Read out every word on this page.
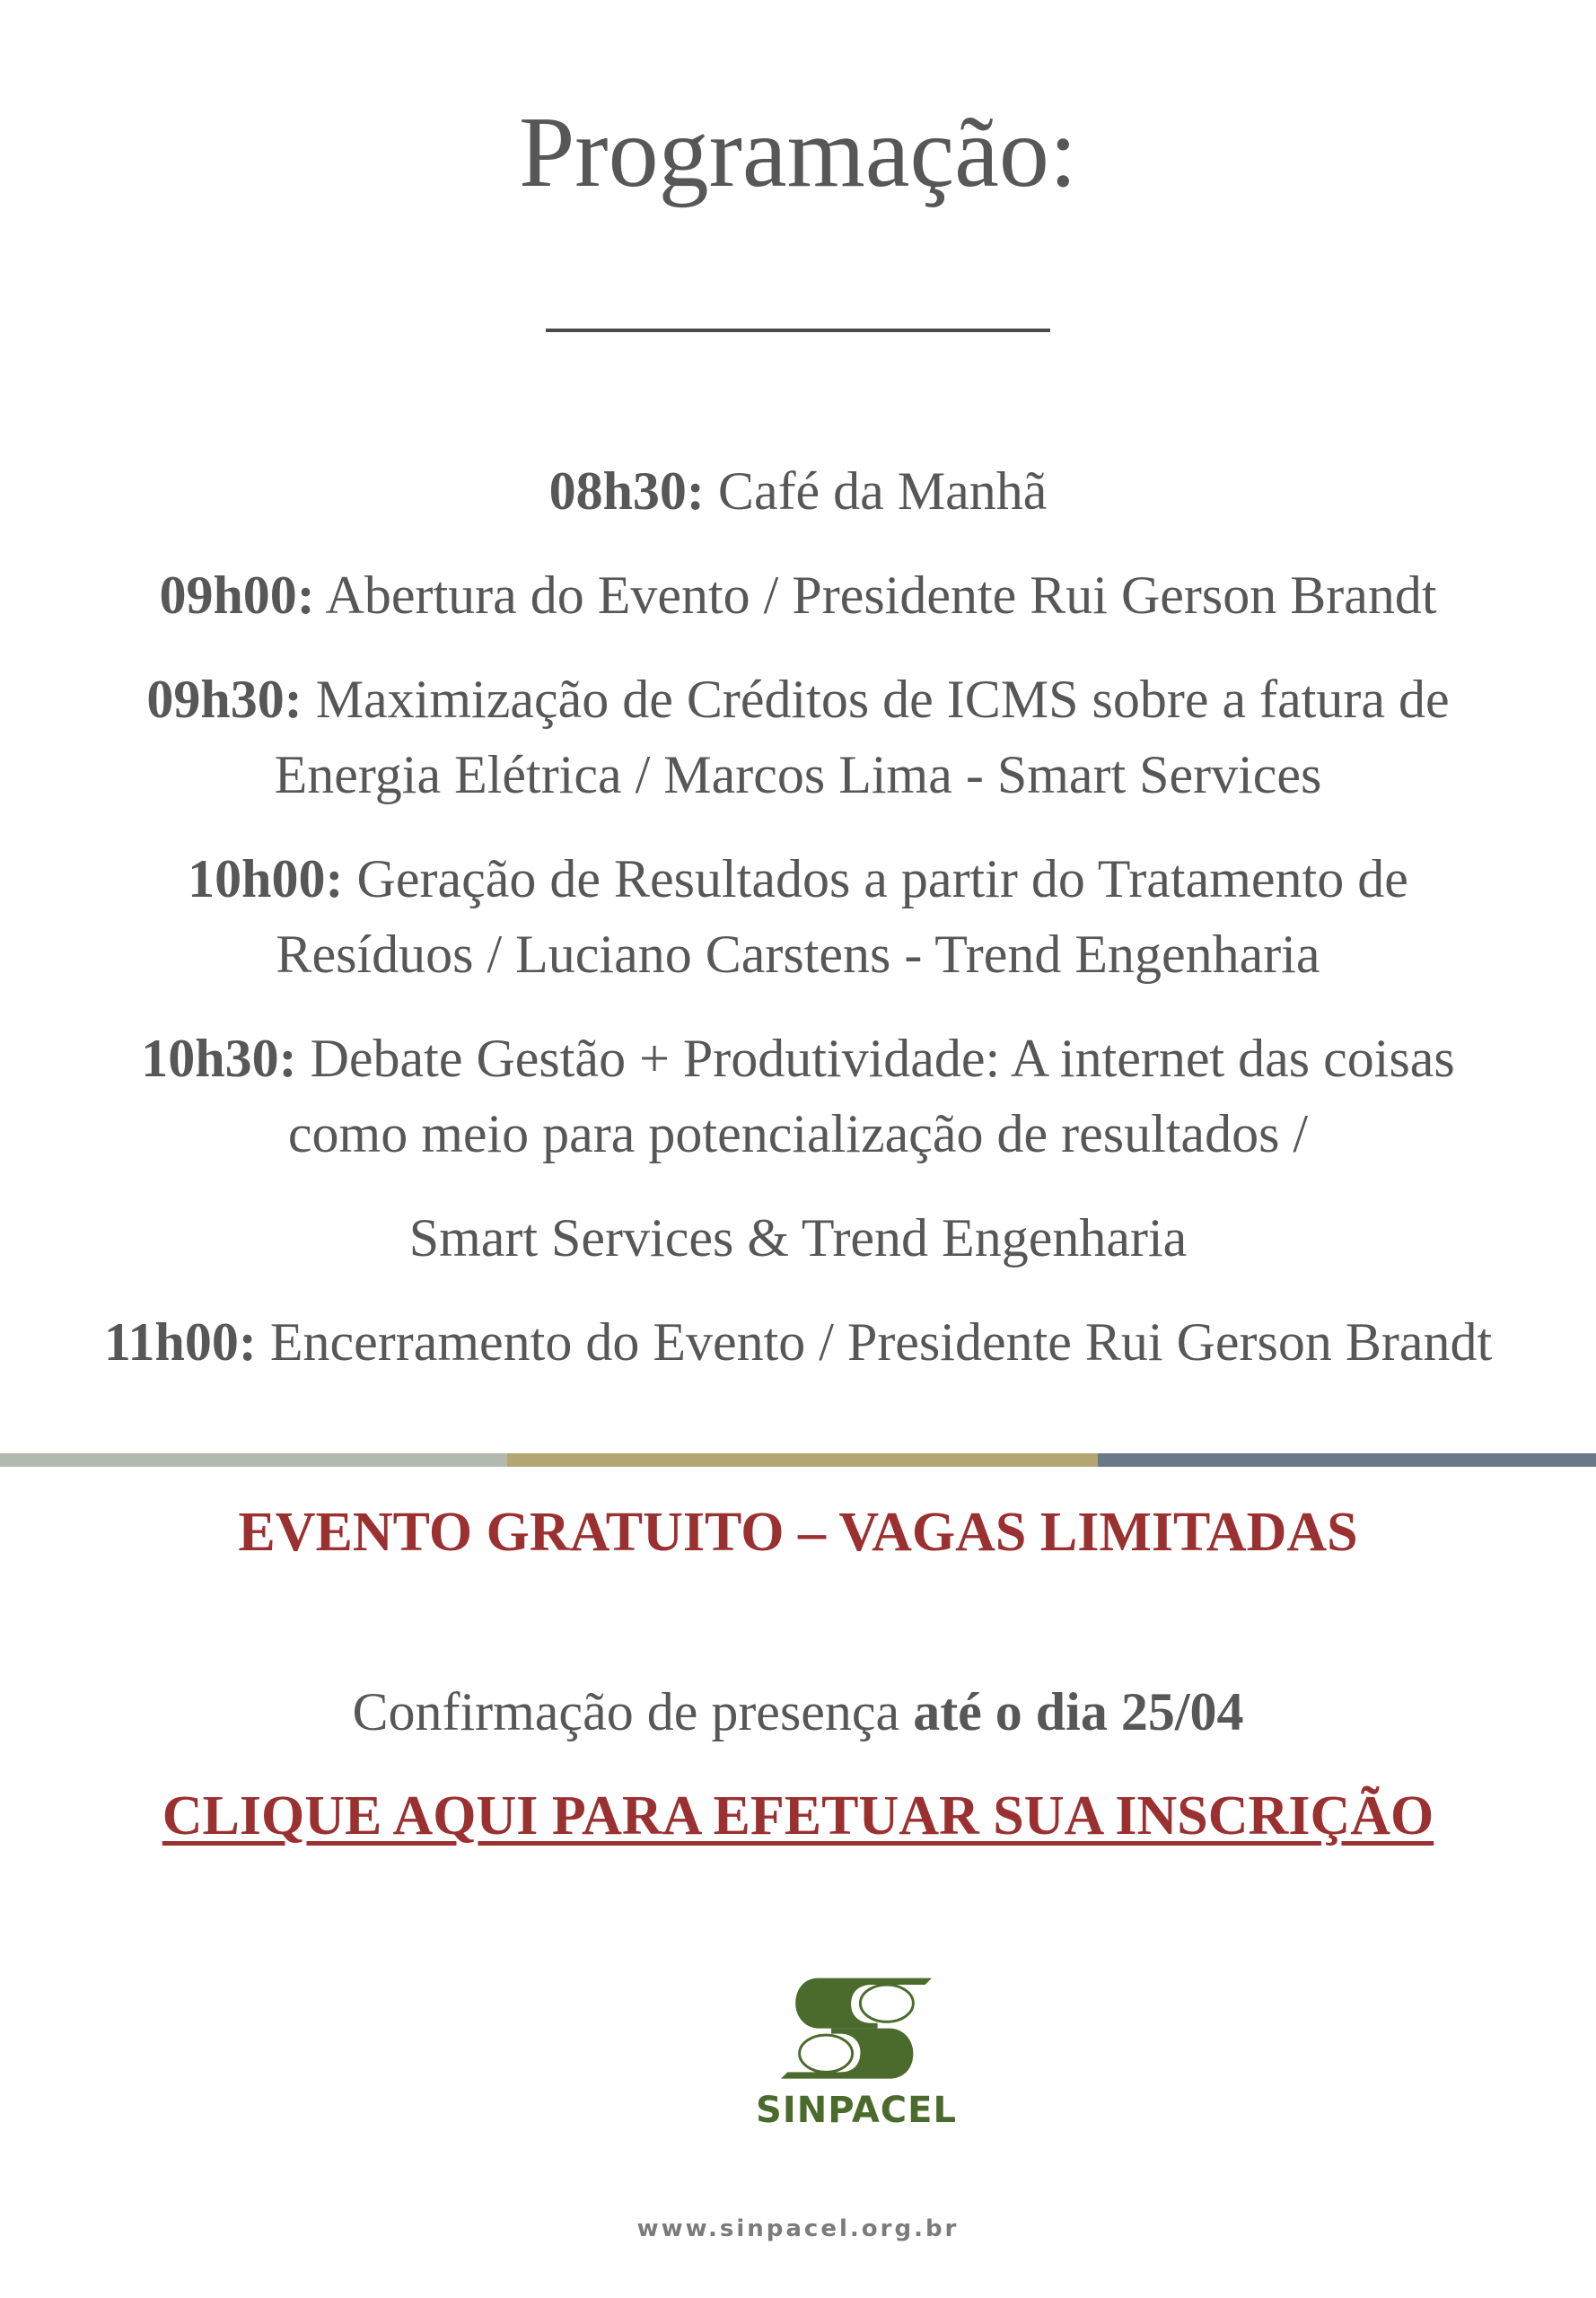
Programação:
08h30: Café da Manhã
09h00: Abertura do Evento / Presidente Rui Gerson Brandt
09h30: Maximização de Créditos de ICMS sobre a fatura de
Energia Elétrica / Marcos Lima - Smart Services
10h00: Geração de Resultados a partir do Tratamento de
Resíduos / Luciano Carstens - Trend Engenharia
10h30: Debate Gestão + Produtividade: A internet das coisas
como meio para potencialização de resultados /
Smart Services & Trend Engenharia
11h00: Encerramento do Evento / Presidente Rui Gerson Brandt
EVENTO GRATUITO – VAGAS LIMITADAS
Confirmação de presença até o dia 25/04
CLIQUE AQUI PARA EFETUAR SUA INSCRIÇÃO
SINPACEL
www.sinpacel.org.br
